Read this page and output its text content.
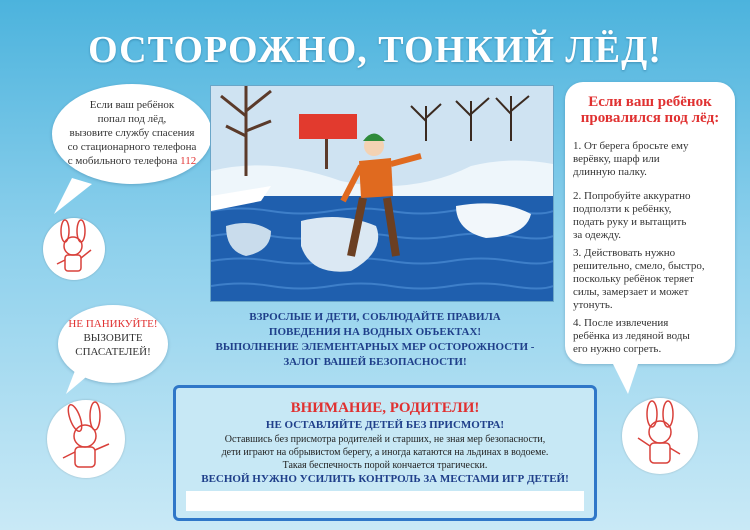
ОСТОРОЖНО, ТОНКИЙ ЛЁД!
Если ваш ребёнок
попал под лёд,
вызовите службу спасения
со стационарного телефона
с мобильного телефона 112
НЕ ПАНИКУЙТЕ!
ВЫЗОВИТЕ
СПАСАТЕЛЕЙ!
ВЗРОСЛЫЕ И ДЕТИ, СОБЛЮДАЙТЕ ПРАВИЛА
ПОВЕДЕНИЯ НА ВОДНЫХ ОБЪЕКТАХ!
ВЫПОЛНЕНИЕ ЭЛЕМЕНТАРНЫХ МЕР ОСТОРОЖНОСТИ -
ЗАЛОГ ВАШЕЙ БЕЗОПАСНОСТИ!
Если ваш ребёнок
провалился под лёд:
1. От берега бросьте ему
верёвку, шарф или
длинную палку.
2. Попробуйте аккуратно
подползти к ребёнку,
подать руку и вытащить
за одежду.
3. Действовать нужно
решительно, смело, быстро,
поскольку ребёнок теряет
силы, замерзает и может
утонуть.
4. После извлечения
ребёнка из ледяной воды
его нужно согреть.
ВНИМАНИЕ, РОДИТЕЛИ!
НЕ ОСТАВЛЯЙТЕ ДЕТЕЙ БЕЗ ПРИСМОТРА!
Оставшись без присмотра родителей и старших, не зная мер безопасности,
дети играют на обрывистом берегу, а иногда катаются на льдинах в водоеме.
Такая беспечность порой кончается трагически.
ВЕСНОЙ НУЖНО УСИЛИТЬ КОНТРОЛЬ ЗА МЕСТАМИ ИГР ДЕТЕЙ!
